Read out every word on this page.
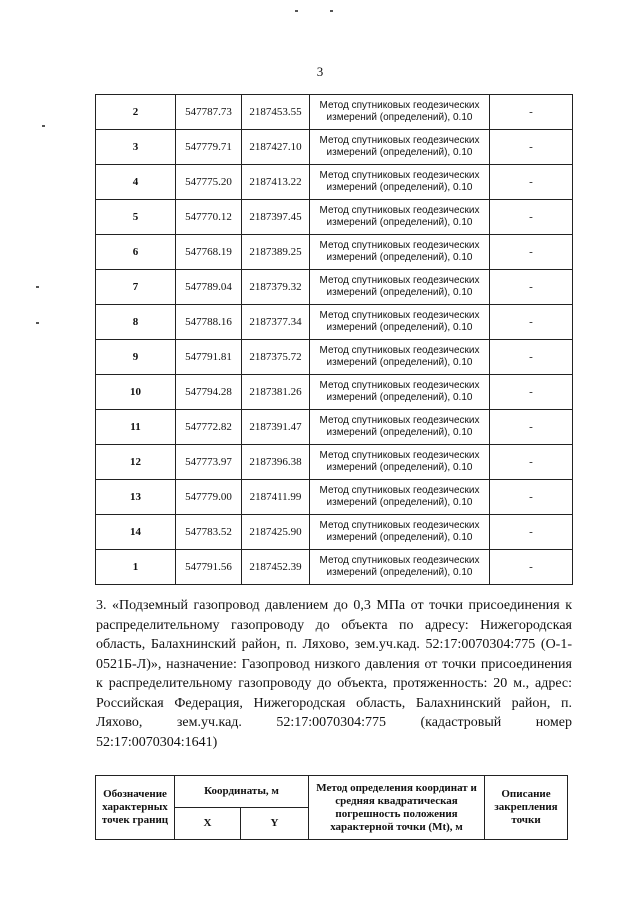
3
2	547787.73	2187453.55	Метод спутниковых геодезических измерений (определений), 0.10	-
3	547779.71	2187427.10	Метод спутниковых геодезических измерений (определений), 0.10	-
4	547775.20	2187413.22	Метод спутниковых геодезических измерений (определений), 0.10	-
5	547770.12	2187397.45	Метод спутниковых геодезических измерений (определений), 0.10	-
6	547768.19	2187389.25	Метод спутниковых геодезических измерений (определений), 0.10	-
7	547789.04	2187379.32	Метод спутниковых геодезических измерений (определений), 0.10	-
8	547788.16	2187377.34	Метод спутниковых геодезических измерений (определений), 0.10	-
9	547791.81	2187375.72	Метод спутниковых геодезических измерений (определений), 0.10	-
10	547794.28	2187381.26	Метод спутниковых геодезических измерений (определений), 0.10	-
11	547772.82	2187391.47	Метод спутниковых геодезических измерений (определений), 0.10	-
12	547773.97	2187396.38	Метод спутниковых геодезических измерений (определений), 0.10	-
13	547779.00	2187411.99	Метод спутниковых геодезических измерений (определений), 0.10	-
14	547783.52	2187425.90	Метод спутниковых геодезических измерений (определений), 0.10	-
1	547791.56	2187452.39	Метод спутниковых геодезических измерений (определений), 0.10	-
3. «Подземный газопровод давлением до 0,3 МПа от точки присоединения к распределительному газопроводу до объекта по адресу: Нижегородская область, Балахнинский район, п. Ляхово, зем.уч.кад. 52:17:0070304:775 (О-1-0521Б-Л)», назначение: Газопровод низкого давления от точки присоединения к распределительному газопроводу до объекта, протяженность: 20 м., адрес: Российская Федерация, Нижегородская область, Балахнинский район, п. Ляхово, зем.уч.кад. 52:17:0070304:775 (кадастровый номер 52:17:0070304:1641)
Обозначение характерных точек границ	Координаты, м		Метод определения координат и средняя квадратическая погрешность положения характерной точки (Мt), м	Описание закрепления точки
	X	Y		
